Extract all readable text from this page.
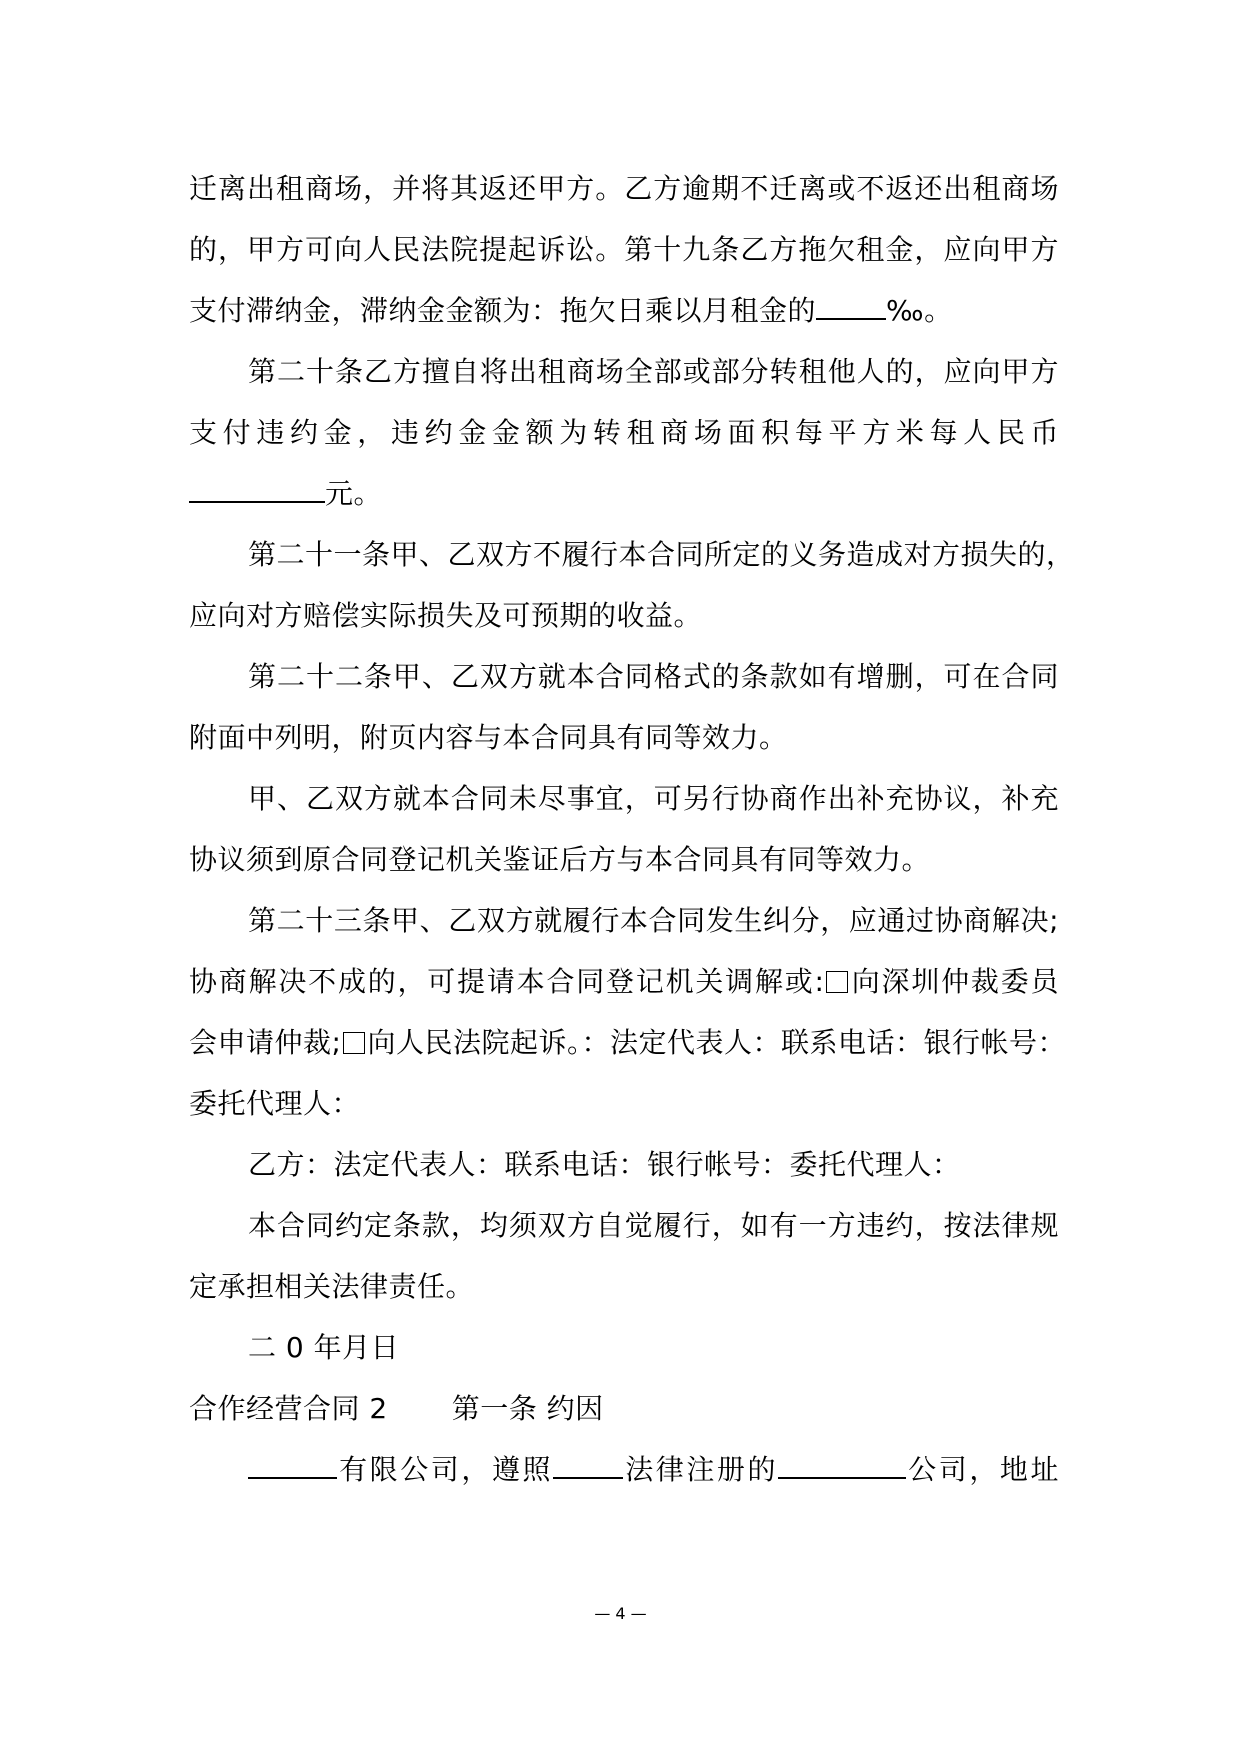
迁离出租商场，并将其返还甲方。乙方逾期不迁离或不返还出租商场
的，甲方可向人民法院提起诉讼。第十九条乙方拖欠租金，应向甲方
支付滞纳金，滞纳金金额为：拖欠日乘以月租金的	‰。
第二十条乙方擅自将出租商场全部或部分转租他人的，应向甲方
支付违约金，违约金金额为转租商场面积每平方米每人民币
元。
第二十一条甲、乙双方不履行本合同所定的义务造成对方损失的，
应向对方赔偿实际损失及可预期的收益。
第二十二条甲、乙双方就本合同格式的条款如有增删，可在合同
附面中列明，附页内容与本合同具有同等效力。
甲、乙双方就本合同未尽事宜，可另行协商作出补充协议，补充
协议须到原合同登记机关鉴证后方与本合同具有同等效力。
第二十三条甲、乙双方就履行本合同发生纠分，应通过协商解决;
协商解决不成的，可提请本合同登记机关调解或: 向深圳仲裁委员
会申请仲裁; 向人民法院起诉。：法定代表人：联系电话：银行帐号：
委托代理人：
乙方：法定代表人：联系电话：银行帐号：委托代理人：
本合同约定条款，均须双方自觉履行，如有一方违约，按法律规
定承担相关法律责任。
二 0 年月日
合作经营合同 2 第一条 约因
有限公司，遵照	法律注册的	公司，地址
— 4 —
